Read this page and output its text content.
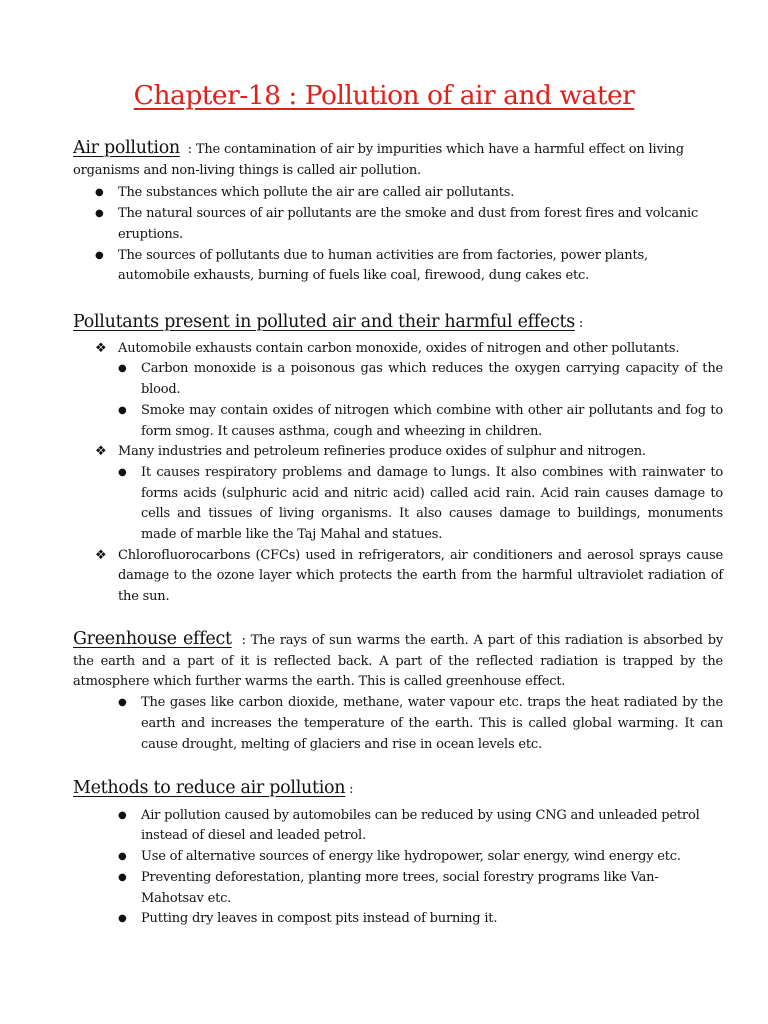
Chapter-18 : Pollution of air and water

Air pollution : The contamination of air by impurities which have a harmful effect on living organisms and non-living things is called air pollution.

● The substances which pollute the air are called air pollutants.
● The natural sources of air pollutants are the smoke and dust from forest fires and volcanic eruptions.
● The sources of pollutants due to human activities are from factories, power plants, automobile exhausts, burning of fuels like coal, firewood, dung cakes etc.

Pollutants present in polluted air and their harmful effects :

❖ Automobile exhausts contain carbon monoxide, oxides of nitrogen and other pollutants.
● Carbon monoxide is a poisonous gas which reduces the oxygen carrying capacity of the blood.
● Smoke may contain oxides of nitrogen which combine with other air pollutants and fog to form smog. It causes asthma, cough and wheezing in children.
❖ Many industries and petroleum refineries produce oxides of sulphur and nitrogen.
● It causes respiratory problems and damage to lungs. It also combines with rainwater to forms acids (sulphuric acid and nitric acid) called acid rain. Acid rain causes damage to cells and tissues of living organisms. It also causes damage to buildings, monuments made of marble like the Taj Mahal and statues.
❖ Chlorofluorocarbons (CFCs) used in refrigerators, air conditioners and aerosol sprays cause damage to the ozone layer which protects the earth from the harmful ultraviolet radiation of the sun.

Greenhouse effect : The rays of sun warms the earth. A part of this radiation is absorbed by the earth and a part of it is reflected back. A part of the reflected radiation is trapped by the atmosphere which further warms the earth. This is called greenhouse effect.

● The gases like carbon dioxide, methane, water vapour etc. traps the heat radiated by the earth and increases the temperature of the earth. This is called global warming. It can cause drought, melting of glaciers and rise in ocean levels etc.

Methods to reduce air pollution :

● Air pollution caused by automobiles can be reduced by using CNG and unleaded petrol instead of diesel and leaded petrol.
● Use of alternative sources of energy like hydropower, solar energy, wind energy etc.
● Preventing deforestation, planting more trees, social forestry programs like Van-Mahotsav etc.
● Putting dry leaves in compost pits instead of burning it.
